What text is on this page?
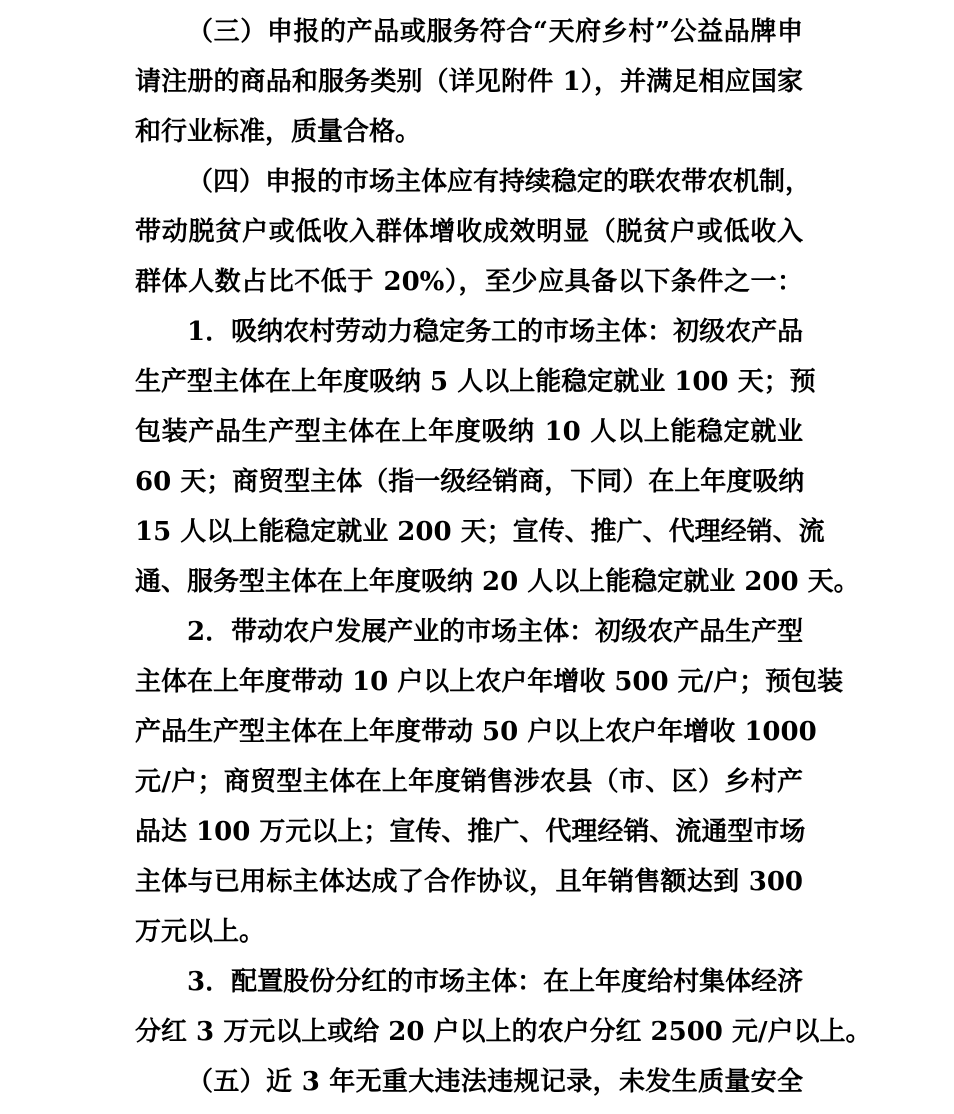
（三）申报的产品或服务符合“天府乡村”公益品牌申
请注册的商品和服务类别（详见附件 1），并满足相应国家
和行业标准，质量合格。
（四）申报的市场主体应有持续稳定的联农带农机制，
带动脱贫户或低收入群体增收成效明显（脱贫户或低收入
群体人数占比不低于 20%），至少应具备以下条件之一：
1．吸纳农村劳动力稳定务工的市场主体：初级农产品
生产型主体在上年度吸纳 5 人以上能稳定就业 100 天；预
包装产品生产型主体在上年度吸纳 10 人以上能稳定就业
60 天；商贸型主体（指一级经销商，下同）在上年度吸纳
15 人以上能稳定就业 200 天；宣传、推广、代理经销、流
通、服务型主体在上年度吸纳 20 人以上能稳定就业 200 天。
2．带动农户发展产业的市场主体：初级农产品生产型
主体在上年度带动 10 户以上农户年增收 500 元/户；预包装
产品生产型主体在上年度带动 50 户以上农户年增收 1000
元/户；商贸型主体在上年度销售涉农县（市、区）乡村产
品达 100 万元以上；宣传、推广、代理经销、流通型市场
主体与已用标主体达成了合作协议，且年销售额达到 300
万元以上。
3．配置股份分红的市场主体：在上年度给村集体经济
分红 3 万元以上或给 20 户以上的农户分红 2500 元/户以上。
（五）近 3 年无重大违法违规记录，未发生质量安全
